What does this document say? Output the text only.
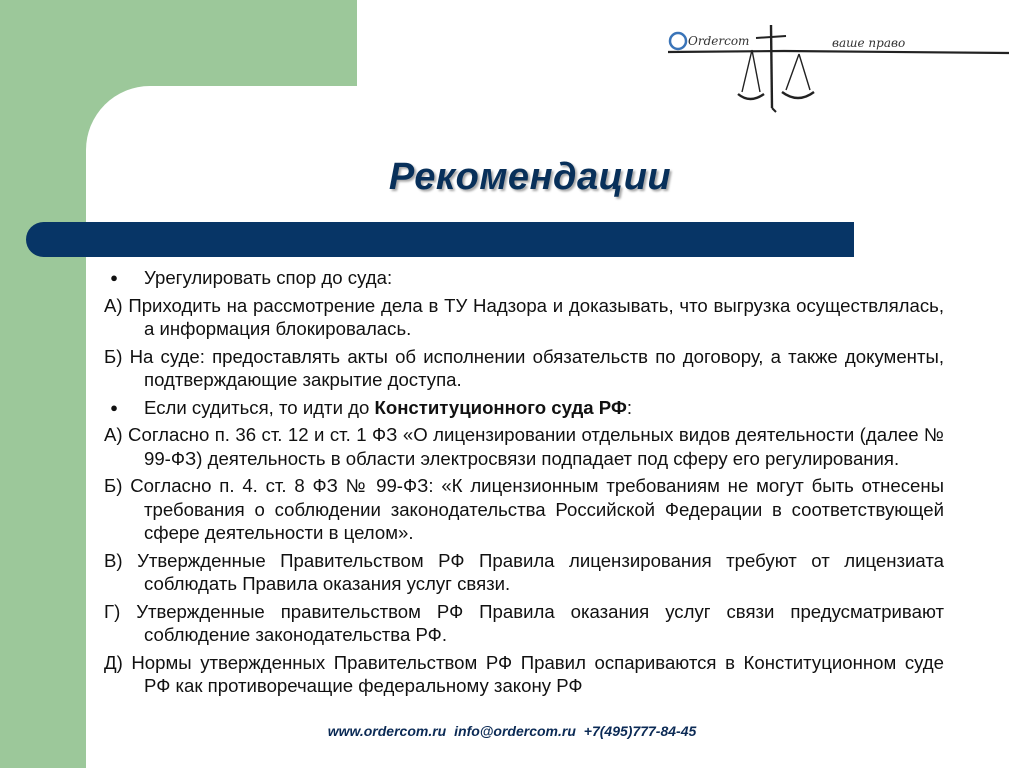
Ordercom	ваше право
Рекомендации
●	Урегулировать спор до суда:
А) Приходить на рассмотрение дела в ТУ Надзора и доказывать, что выгрузка осуществлялась, а информация блокировалась.
Б) На суде: предоставлять акты об исполнении обязательств по договору, а также документы, подтверждающие закрытие доступа.
●	Если судиться, то идти до Конституционного суда РФ:
А) Согласно п. 36 ст. 12 и ст. 1 ФЗ «О лицензировании отдельных видов деятельности (далее № 99-ФЗ) деятельность в области электросвязи подпадает под сферу его регулирования.
Б) Согласно п. 4. ст. 8 ФЗ № 99-ФЗ: «К лицензионным требованиям не могут быть отнесены требования о соблюдении законодательства Российской Федерации в соответствующей сфере деятельности в целом».
В) Утвержденные Правительством РФ Правила лицензирования требуют от лицензиата соблюдать Правила оказания услуг связи.
Г) Утвержденные правительством РФ Правила оказания услуг связи предусматривают соблюдение законодательства РФ.
Д) Нормы утвержденных Правительством РФ Правил оспариваются в Конституционном суде РФ как противоречащие федеральному закону РФ
www.ordercom.ru info@ordercom.ru +7(495)777-84-45
